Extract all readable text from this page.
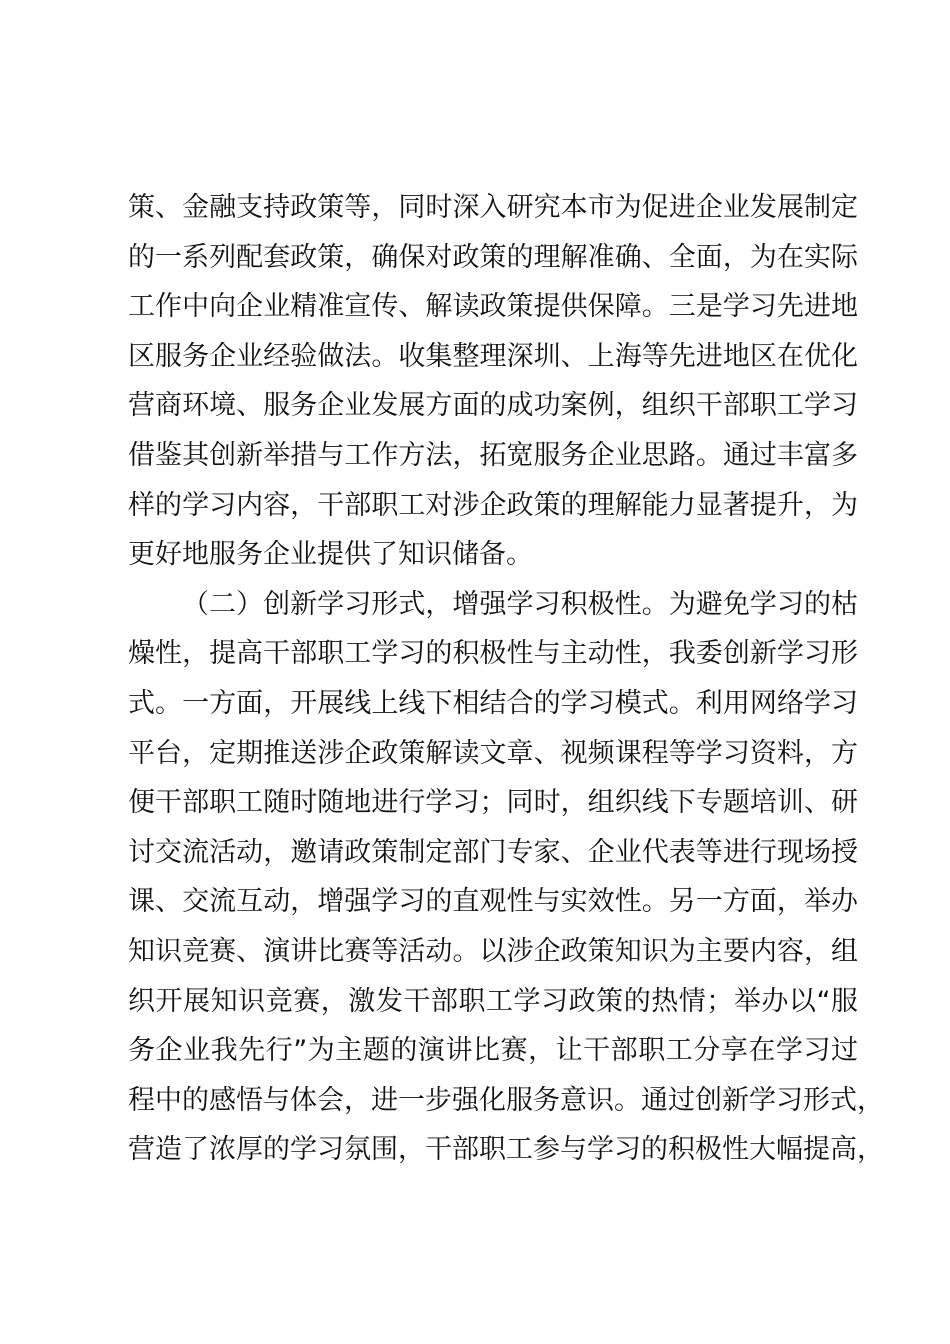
策、金融支持政策等，同时深入研究本市为促进企业发展制定
的一系列配套政策，确保对政策的理解准确、全面，为在实际
工作中向企业精准宣传、解读政策提供保障。三是学习先进地
区服务企业经验做法。收集整理深圳、上海等先进地区在优化
营商环境、服务企业发展方面的成功案例，组织干部职工学习
借鉴其创新举措与工作方法，拓宽服务企业思路。通过丰富多
样的学习内容，干部职工对涉企政策的理解能力显著提升，为
更好地服务企业提供了知识储备。
（二）创新学习形式，增强学习积极性。为避免学习的枯
燥性，提高干部职工学习的积极性与主动性，我委创新学习形
式。一方面，开展线上线下相结合的学习模式。利用网络学习
平台，定期推送涉企政策解读文章、视频课程等学习资料，方
便干部职工随时随地进行学习；同时，组织线下专题培训、研
讨交流活动，邀请政策制定部门专家、企业代表等进行现场授
课、交流互动，增强学习的直观性与实效性。另一方面，举办
知识竞赛、演讲比赛等活动。以涉企政策知识为主要内容，组
织开展知识竞赛，激发干部职工学习政策的热情；举办以“服
务企业我先行”为主题的演讲比赛，让干部职工分享在学习过
程中的感悟与体会，进一步强化服务意识。通过创新学习形式，
营造了浓厚的学习氛围，干部职工参与学习的积极性大幅提高，
